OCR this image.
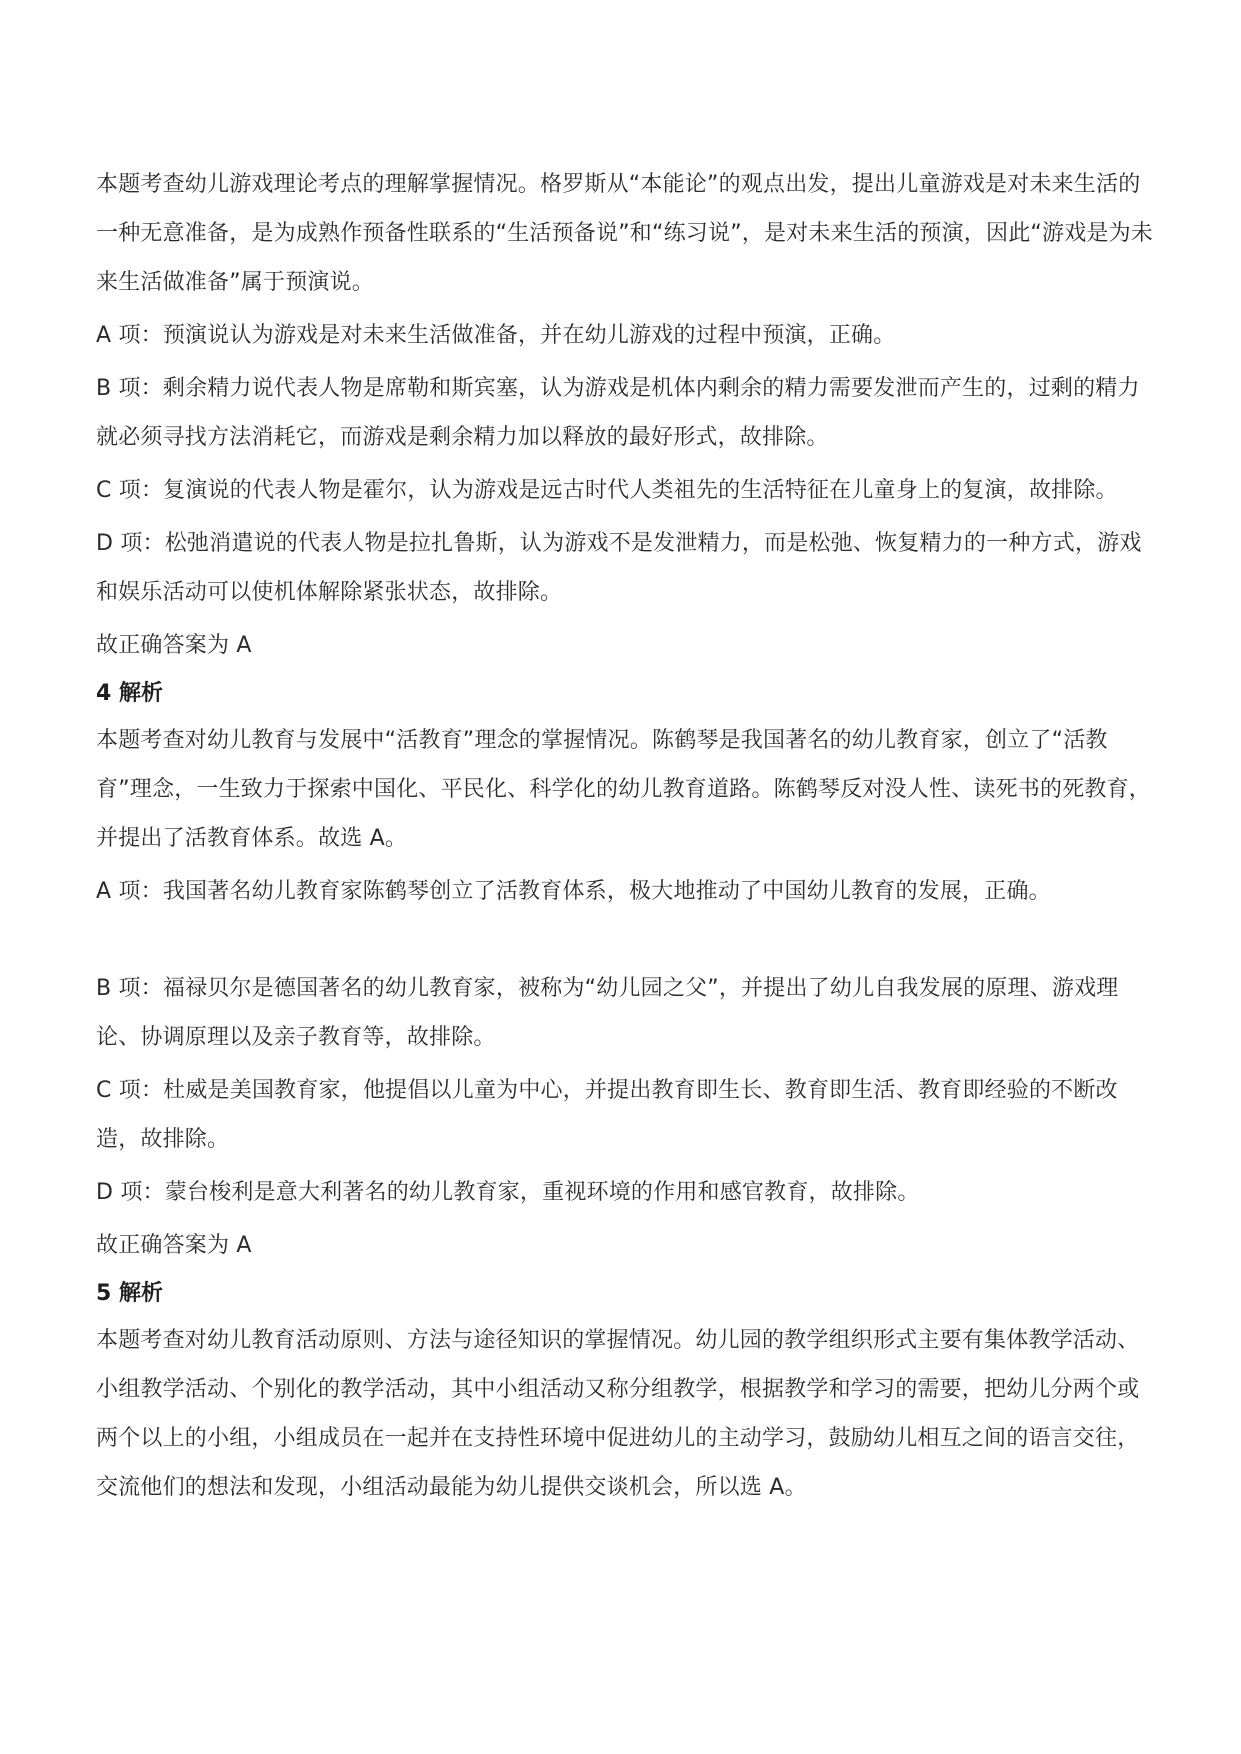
本题考查幼儿游戏理论考点的理解掌握情况。格罗斯从“本能论”的观点出发，提出儿童游戏是对未来生活的一种无意准备，是为成熟作预备性联系的“生活预备说”和“练习说”，是对未来生活的预演，因此“游戏是为未来生活做准备”属于预演说。

A 项：预演说认为游戏是对未来生活做准备，并在幼儿游戏的过程中预演，正确。

B 项：剩余精力说代表人物是席勒和斯宾塞，认为游戏是机体内剩余的精力需要发泄而产生的，过剩的精力就必须寻找方法消耗它，而游戏是剩余精力加以释放的最好形式，故排除。

C 项：复演说的代表人物是霍尔，认为游戏是远古时代人类祖先的生活特征在儿童身上的复演，故排除。

D 项：松弛消遣说的代表人物是拉扎鲁斯，认为游戏不是发泄精力，而是松弛、恢复精力的一种方式，游戏和娱乐活动可以使机体解除紧张状态，故排除。

故正确答案为 A

4 解析

本题考查对幼儿教育与发展中“活教育”理念的掌握情况。陈鹤琴是我国著名的幼儿教育家，创立了“活教育”理念，一生致力于探索中国化、平民化、科学化的幼儿教育道路。陈鹤琴反对没人性、读死书的死教育，并提出了活教育体系。故选 A。

A 项：我国著名幼儿教育家陈鹤琴创立了活教育体系，极大地推动了中国幼儿教育的发展，正确。

B 项：福禄贝尔是德国著名的幼儿教育家，被称为“幼儿园之父”，并提出了幼儿自我发展的原理、游戏理论、协调原理以及亲子教育等，故排除。

C 项：杜威是美国教育家，他提倡以儿童为中心，并提出教育即生长、教育即生活、教育即经验的不断改造，故排除。

D 项：蒙台梭利是意大利著名的幼儿教育家，重视环境的作用和感官教育，故排除。

故正确答案为 A

5 解析

本题考查对幼儿教育活动原则、方法与途径知识的掌握情况。幼儿园的教学组织形式主要有集体教学活动、小组教学活动、个别化的教学活动，其中小组活动又称分组教学，根据教学和学习的需要，把幼儿分两个或两个以上的小组，小组成员在一起并在支持性环境中促进幼儿的主动学习，鼓励幼儿相互之间的语言交往，交流他们的想法和发现，小组活动最能为幼儿提供交谈机会，所以选 A。
